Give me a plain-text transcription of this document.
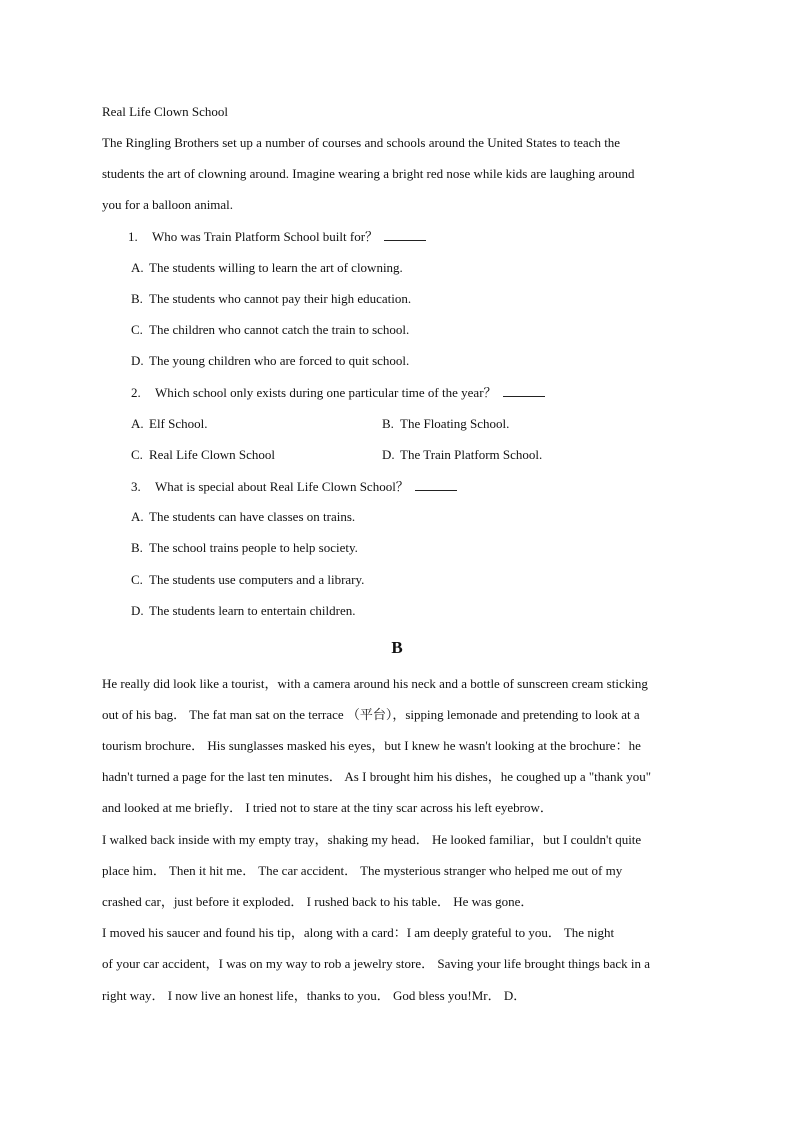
Real Life Clown School
The Ringling Brothers set up a number of courses and schools around the United States to teach the
students the art of clowning around. Imagine wearing a bright red nose while kids are laughing around
you for a balloon animal.
1. Who was Train Platform School built for？
A. The students willing to learn the art of clowning.
B. The students who cannot pay their high education.
C. The children who cannot catch the train to school.
D. The young children who are forced to quit school.
2. Which school only exists during one particular time of the year？
A. Elf School.	B. The Floating School.
C. Real Life Clown School	D. The Train Platform School.
3. What is special about Real Life Clown School？
A. The students can have classes on trains.
B. The school trains people to help society.
C. The students use computers and a library.
D. The students learn to entertain children.
B
He really did look like a tourist，with a camera around his neck and a bottle of sunscreen cream sticking
out of his bag． The fat man sat on the terrace （平台），sipping lemonade and pretending to look at a
tourism brochure． His sunglasses masked his eyes，but I knew he wasn't looking at the brochure：he
hadn't turned a page for the last ten minutes． As I brought him his dishes，he coughed up a "thank you"
and looked at me briefly． I tried not to stare at the tiny scar across his left eyebrow．
I walked back inside with my empty tray，shaking my head． He looked familiar，but I couldn't quite
place him． Then it hit me． The car accident． The mysterious stranger who helped me out of my
crashed car，just before it exploded． I rushed back to his table． He was gone．
I moved his saucer and found his tip，along with a card：I am deeply grateful to you． The night
of your car accident，I was on my way to rob a jewelry store． Saving your life brought things back in a
right way． I now live an honest life，thanks to you． God bless you!Mr． D．
